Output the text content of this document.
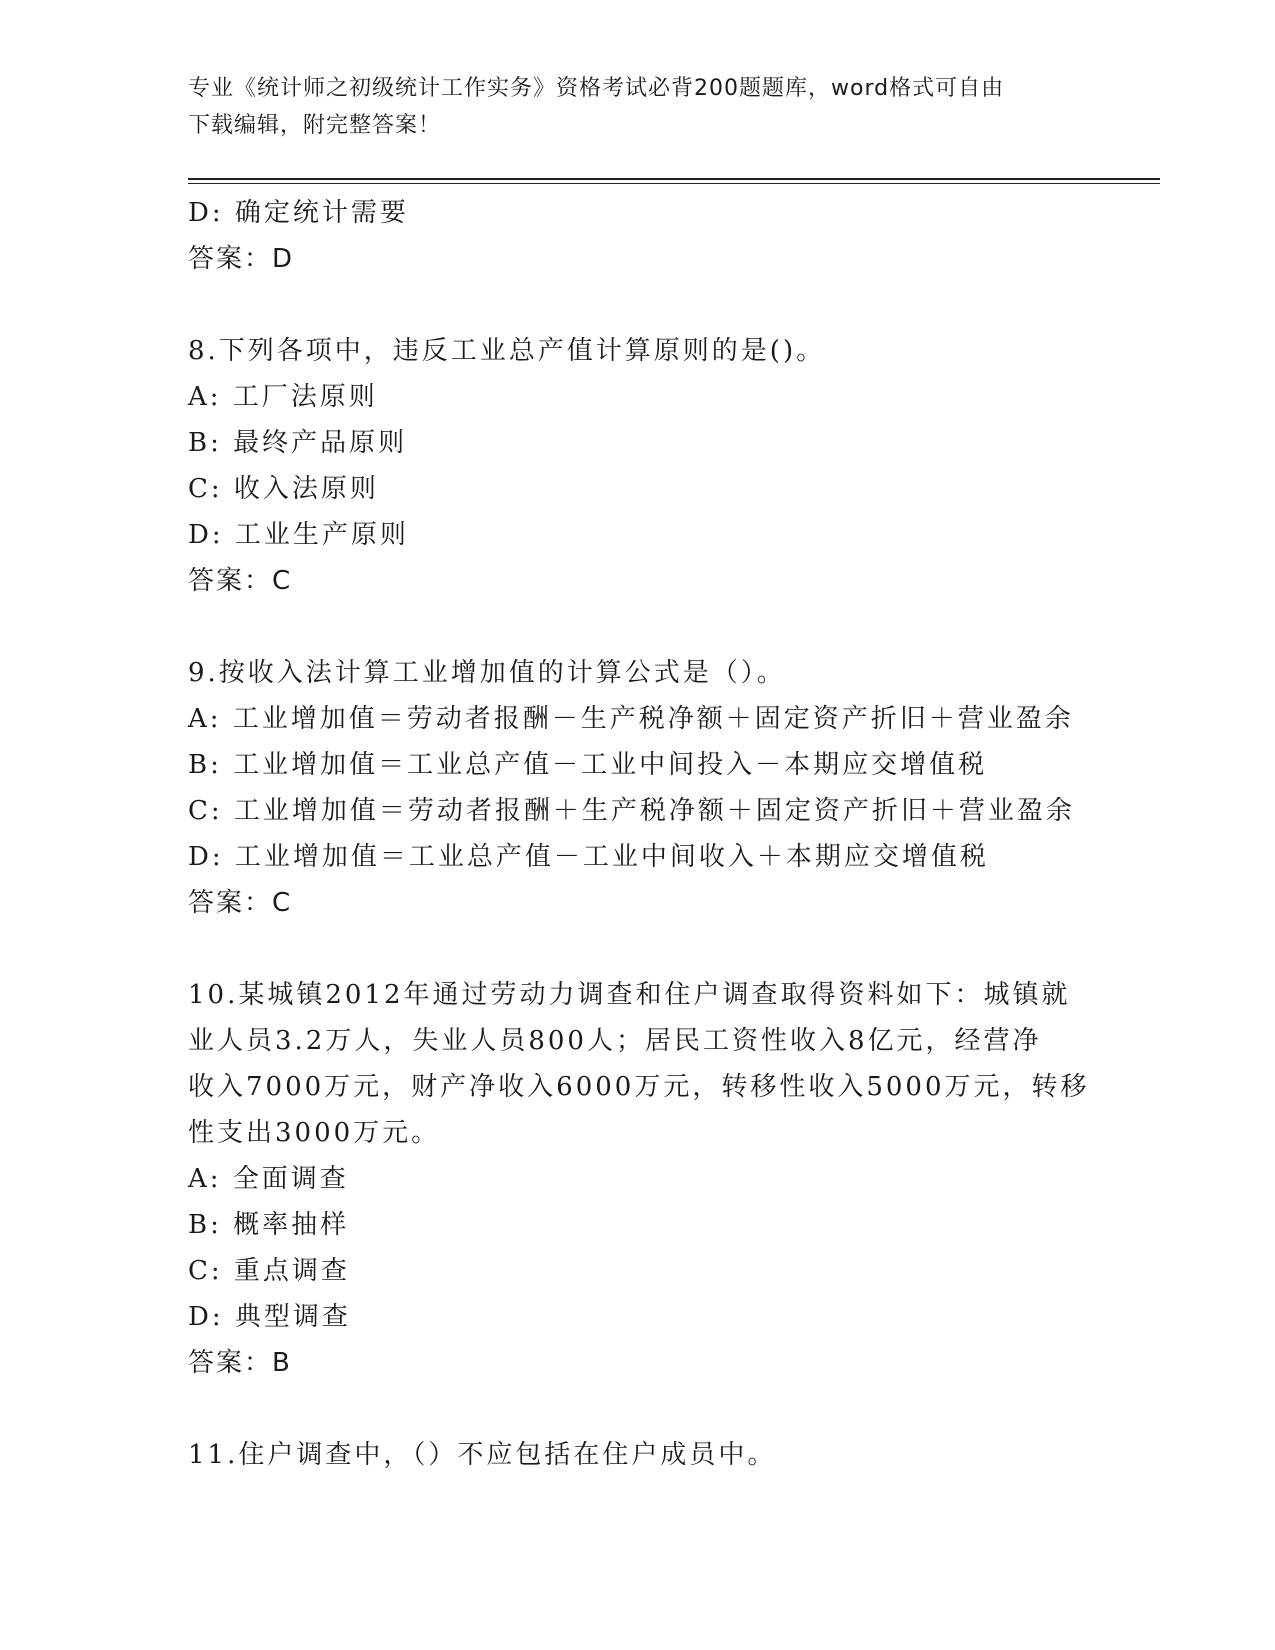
专业《统计师之初级统计工作实务》资格考试必背200题题库，word格式可自由
下载编辑，附完整答案！
D: 确定统计需要
答案：D
8.下列各项中，违反工业总产值计算原则的是()。
A: 工厂法原则
B: 最终产品原则
C: 收入法原则
D: 工业生产原则
答案：C
9.按收入法计算工业增加值的计算公式是（）。
A: 工业增加值＝劳动者报酬－生产税净额＋固定资产折旧＋营业盈余
B: 工业增加值＝工业总产值－工业中间投入－本期应交增值税
C: 工业增加值＝劳动者报酬＋生产税净额＋固定资产折旧＋营业盈余
D: 工业增加值＝工业总产值－工业中间收入＋本期应交增值税
答案：C
10.某城镇2012年通过劳动力调查和住户调查取得资料如下：城镇就
业人员3.2万人，失业人员800人；居民工资性收入8亿元，经营净
收入7000万元，财产净收入6000万元，转移性收入5000万元，转移
性支出3000万元。
A: 全面调查
B: 概率抽样
C: 重点调查
D: 典型调查
答案：B
11.住户调查中，（）不应包括在住户成员中。
